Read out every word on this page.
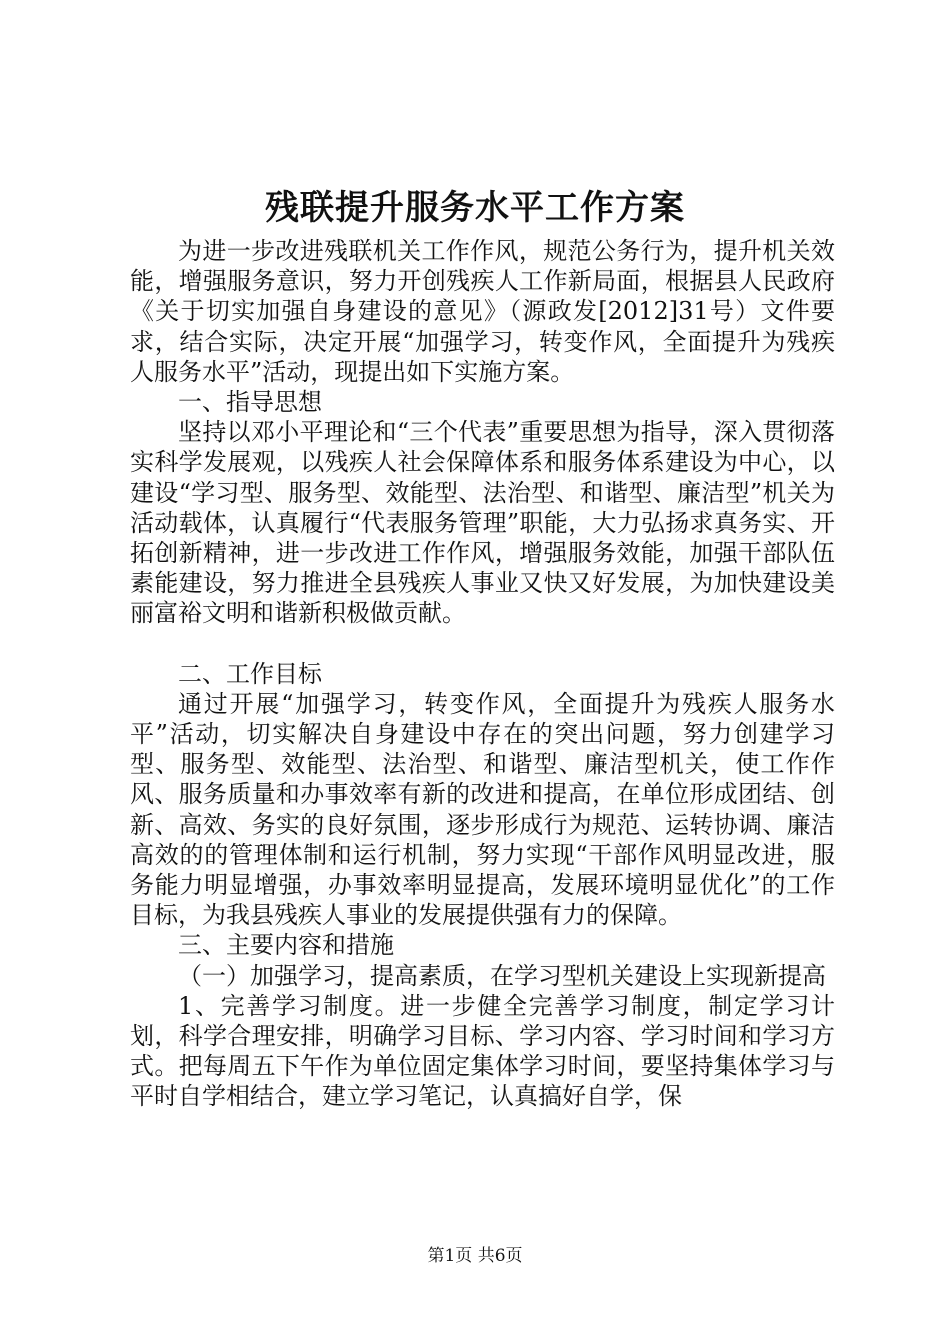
残联提升服务水平工作方案

为进一步改进残联机关工作作风，规范公务行为，提升机关效能，增强服务意识，努力开创残疾人工作新局面，根据县人民政府《关于切实加强自身建设的意见》（源政发[2012]31号）文件要求，结合实际，决定开展“加强学习，转变作风，全面提升为残疾人服务水平”活动，现提出如下实施方案。

一、指导思想

坚持以邓小平理论和“三个代表”重要思想为指导，深入贯彻落实科学发展观，以残疾人社会保障体系和服务体系建设为中心，以建设“学习型、服务型、效能型、法治型、和谐型、廉洁型”机关为活动载体，认真履行“代表服务管理”职能，大力弘扬求真务实、开拓创新精神，进一步改进工作作风，增强服务效能，加强干部队伍素能建设，努力推进全县残疾人事业又快又好发展，为加快建设美丽富裕文明和谐新积极做贡献。

二、工作目标

通过开展“加强学习，转变作风，全面提升为残疾人服务水平”活动，切实解决自身建设中存在的突出问题，努力创建学习型、服务型、效能型、法治型、和谐型、廉洁型机关，使工作作风、服务质量和办事效率有新的改进和提高，在单位形成团结、创新、高效、务实的良好氛围，逐步形成行为规范、运转协调、廉洁高效的的管理体制和运行机制，努力实现“干部作风明显改进，服务能力明显增强，办事效率明显提高，发展环境明显优化”的工作目标，为我县残疾人事业的发展提供强有力的保障。

三、主要内容和措施

（一）加强学习，提高素质，在学习型机关建设上实现新提高

1、完善学习制度。进一步健全完善学习制度，制定学习计划，科学合理安排，明确学习目标、学习内容、学习时间和学习方式。把每周五下午作为单位固定集体学习时间，要坚持集体学习与平时自学相结合，建立学习笔记，认真搞好自学，保

第1页 共6页
